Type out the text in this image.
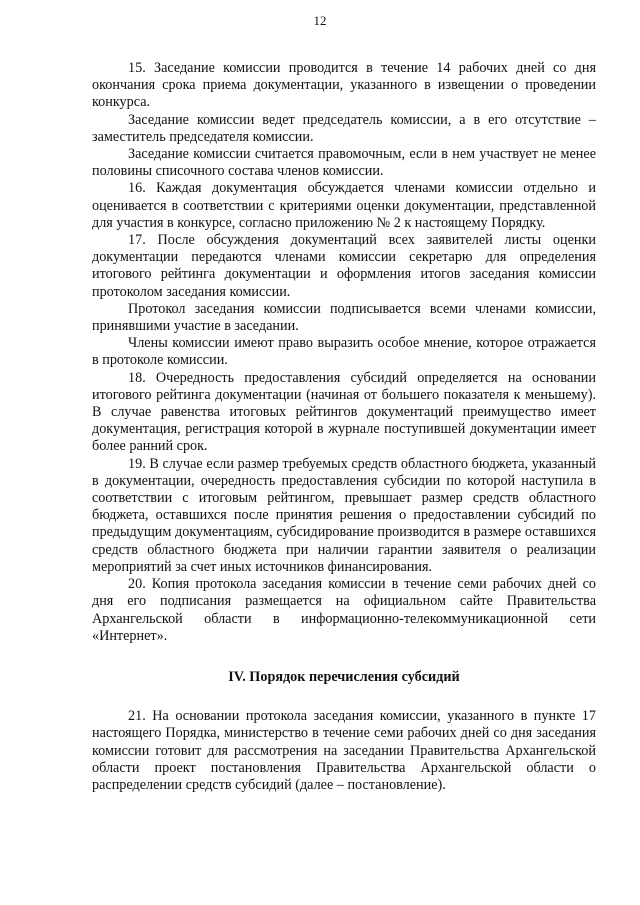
12

15. Заседание комиссии проводится в течение 14 рабочих дней со дня окончания срока приема документации, указанного в извещении о проведении конкурса.

Заседание комиссии ведет председатель комиссии, а в его отсутствие – заместитель председателя комиссии.

Заседание комиссии считается правомочным, если в нем участвует не менее половины списочного состава членов комиссии.

16. Каждая документация обсуждается членами комиссии отдельно и оценивается в соответствии с критериями оценки документации, представленной для участия в конкурсе, согласно приложению № 2 к настоящему Порядку.

17. После обсуждения документаций всех заявителей листы оценки документации передаются членами комиссии секретарю для определения итогового рейтинга документации и оформления итогов заседания комиссии протоколом заседания комиссии.

Протокол заседания комиссии подписывается всеми членами комиссии, принявшими участие в заседании.

Члены комиссии имеют право выразить особое мнение, которое отражается в протоколе комиссии.

18. Очередность предоставления субсидий определяется на основании итогового рейтинга документации (начиная от большего показателя к меньшему). В случае равенства итоговых рейтингов документаций преимущество имеет документация, регистрация которой в журнале поступившей документации имеет более ранний срок.

19. В случае если размер требуемых средств областного бюджета, указанный в документации, очередность предоставления субсидии по которой наступила в соответствии с итоговым рейтингом, превышает размер средств областного бюджета, оставшихся после принятия решения о предоставлении субсидий по предыдущим документациям, субсидирование производится в размере оставшихся средств областного бюджета при наличии гарантии заявителя о реализации мероприятий за счет иных источников финансирования.

20. Копия протокола заседания комиссии в течение семи рабочих дней со дня его подписания размещается на официальном сайте Правительства Архангельской области в информационно-телекоммуникационной сети «Интернет».

IV. Порядок перечисления субсидий

21. На основании протокола заседания комиссии, указанного в пункте 17 настоящего Порядка, министерство в течение семи рабочих дней со дня заседания комиссии готовит для рассмотрения на заседании Правительства Архангельской области проект постановления Правительства Архангельской области о распределении средств субсидий (далее – постановление).
